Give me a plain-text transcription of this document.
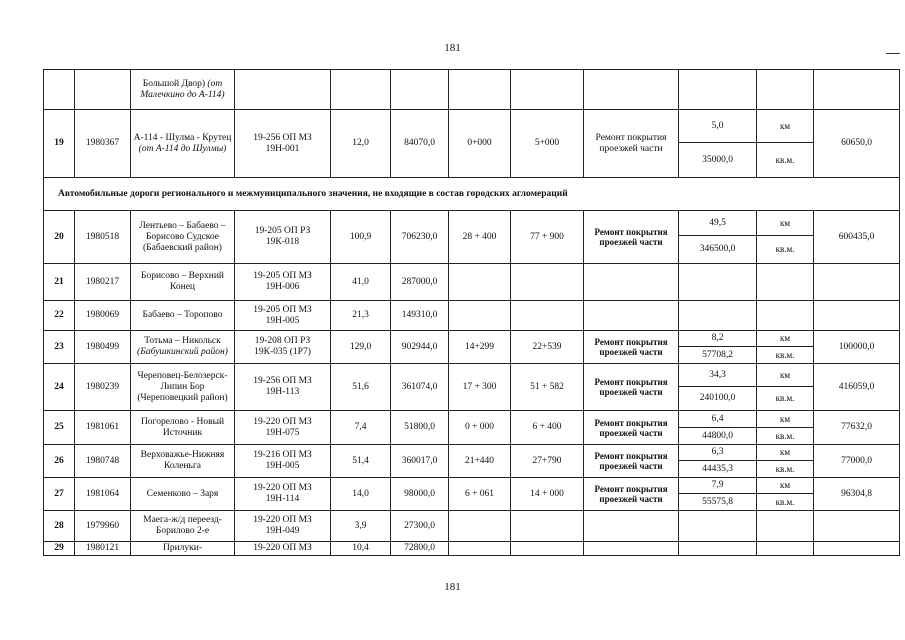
181
		Большой Двор) (от Малечкино до А-114)									
19	1980367	А-114 - Шулма - Крутец (от А-114 до Шулмы)	19-256 ОП МЗ 19Н-001	12,0	84070,0	0+000	5+000	Ремонт покрытия проезжей части	5,0	км	60650,0
									35000,0	кв.м.	
Автомобильные дороги регионального и межмуниципального значения, не входящие в состав городских агломераций											
20	1980518	Лентьево – Бабаево – Борисово Судское (Бабаевский район)	19-205 ОП РЗ 19К-018	100,9	706230,0	28 + 400	77 + 900	Ремонт покрытия проезжей части	49,5	км	600435,0
									346500,0	кв.м.	
21	1980217	Борисово – Верхний Конец	19-205 ОП МЗ 19Н-006	41,0	287000,0						
22	1980069	Бабаево – Торопово	19-205 ОП МЗ 19Н-005	21,3	149310,0						
23	1980499	Тотьма – Никольск (Бабушкинский район)	19-208 ОП РЗ 19К-035 (1Р7)	129,0	902944,0	14+299	22+539	Ремонт покрытия проезжей части	8,2	км	100000,0
									57708,2	кв.м.	
24	1980239	Череповец-Белозерск-Липин Бор (Череповецкий район)	19-256 ОП МЗ 19Н-113	51,6	361074,0	17 + 300	51 + 582	Ремонт покрытия проезжей части	34,3	км	416059,0
									240100,0	кв.м.	
25	1981061	Погорелово - Новый Источник	19-220 ОП МЗ 19Н-075	7,4	51800,0	0 + 000	6 + 400	Ремонт покрытия проезжей части	6,4	км	77632,0
									44800,0	кв.м.	
26	1980748	Верховажье-Нижняя Коленьга	19-216 ОП МЗ 19Н-005	51,4	360017,0	21+440	27+790	Ремонт покрытия проезжей части	6,3	км	77000,0
									44435,3	кв.м.	
27	1981064	Семенково – Заря	19-220 ОП МЗ 19Н-114	14,0	98000,0	6 + 061	14 + 000	Ремонт покрытия проезжей части	7,9	км	96304,8
									55575,8	кв.м.	
28	1979960	Маега-ж/д переезд-Борилово 2-е	19-220 ОП МЗ 19Н-049	3,9	27300,0						
29	1980121	Прилуки-	19-220 ОП МЗ	10,4	72800,0						
181
